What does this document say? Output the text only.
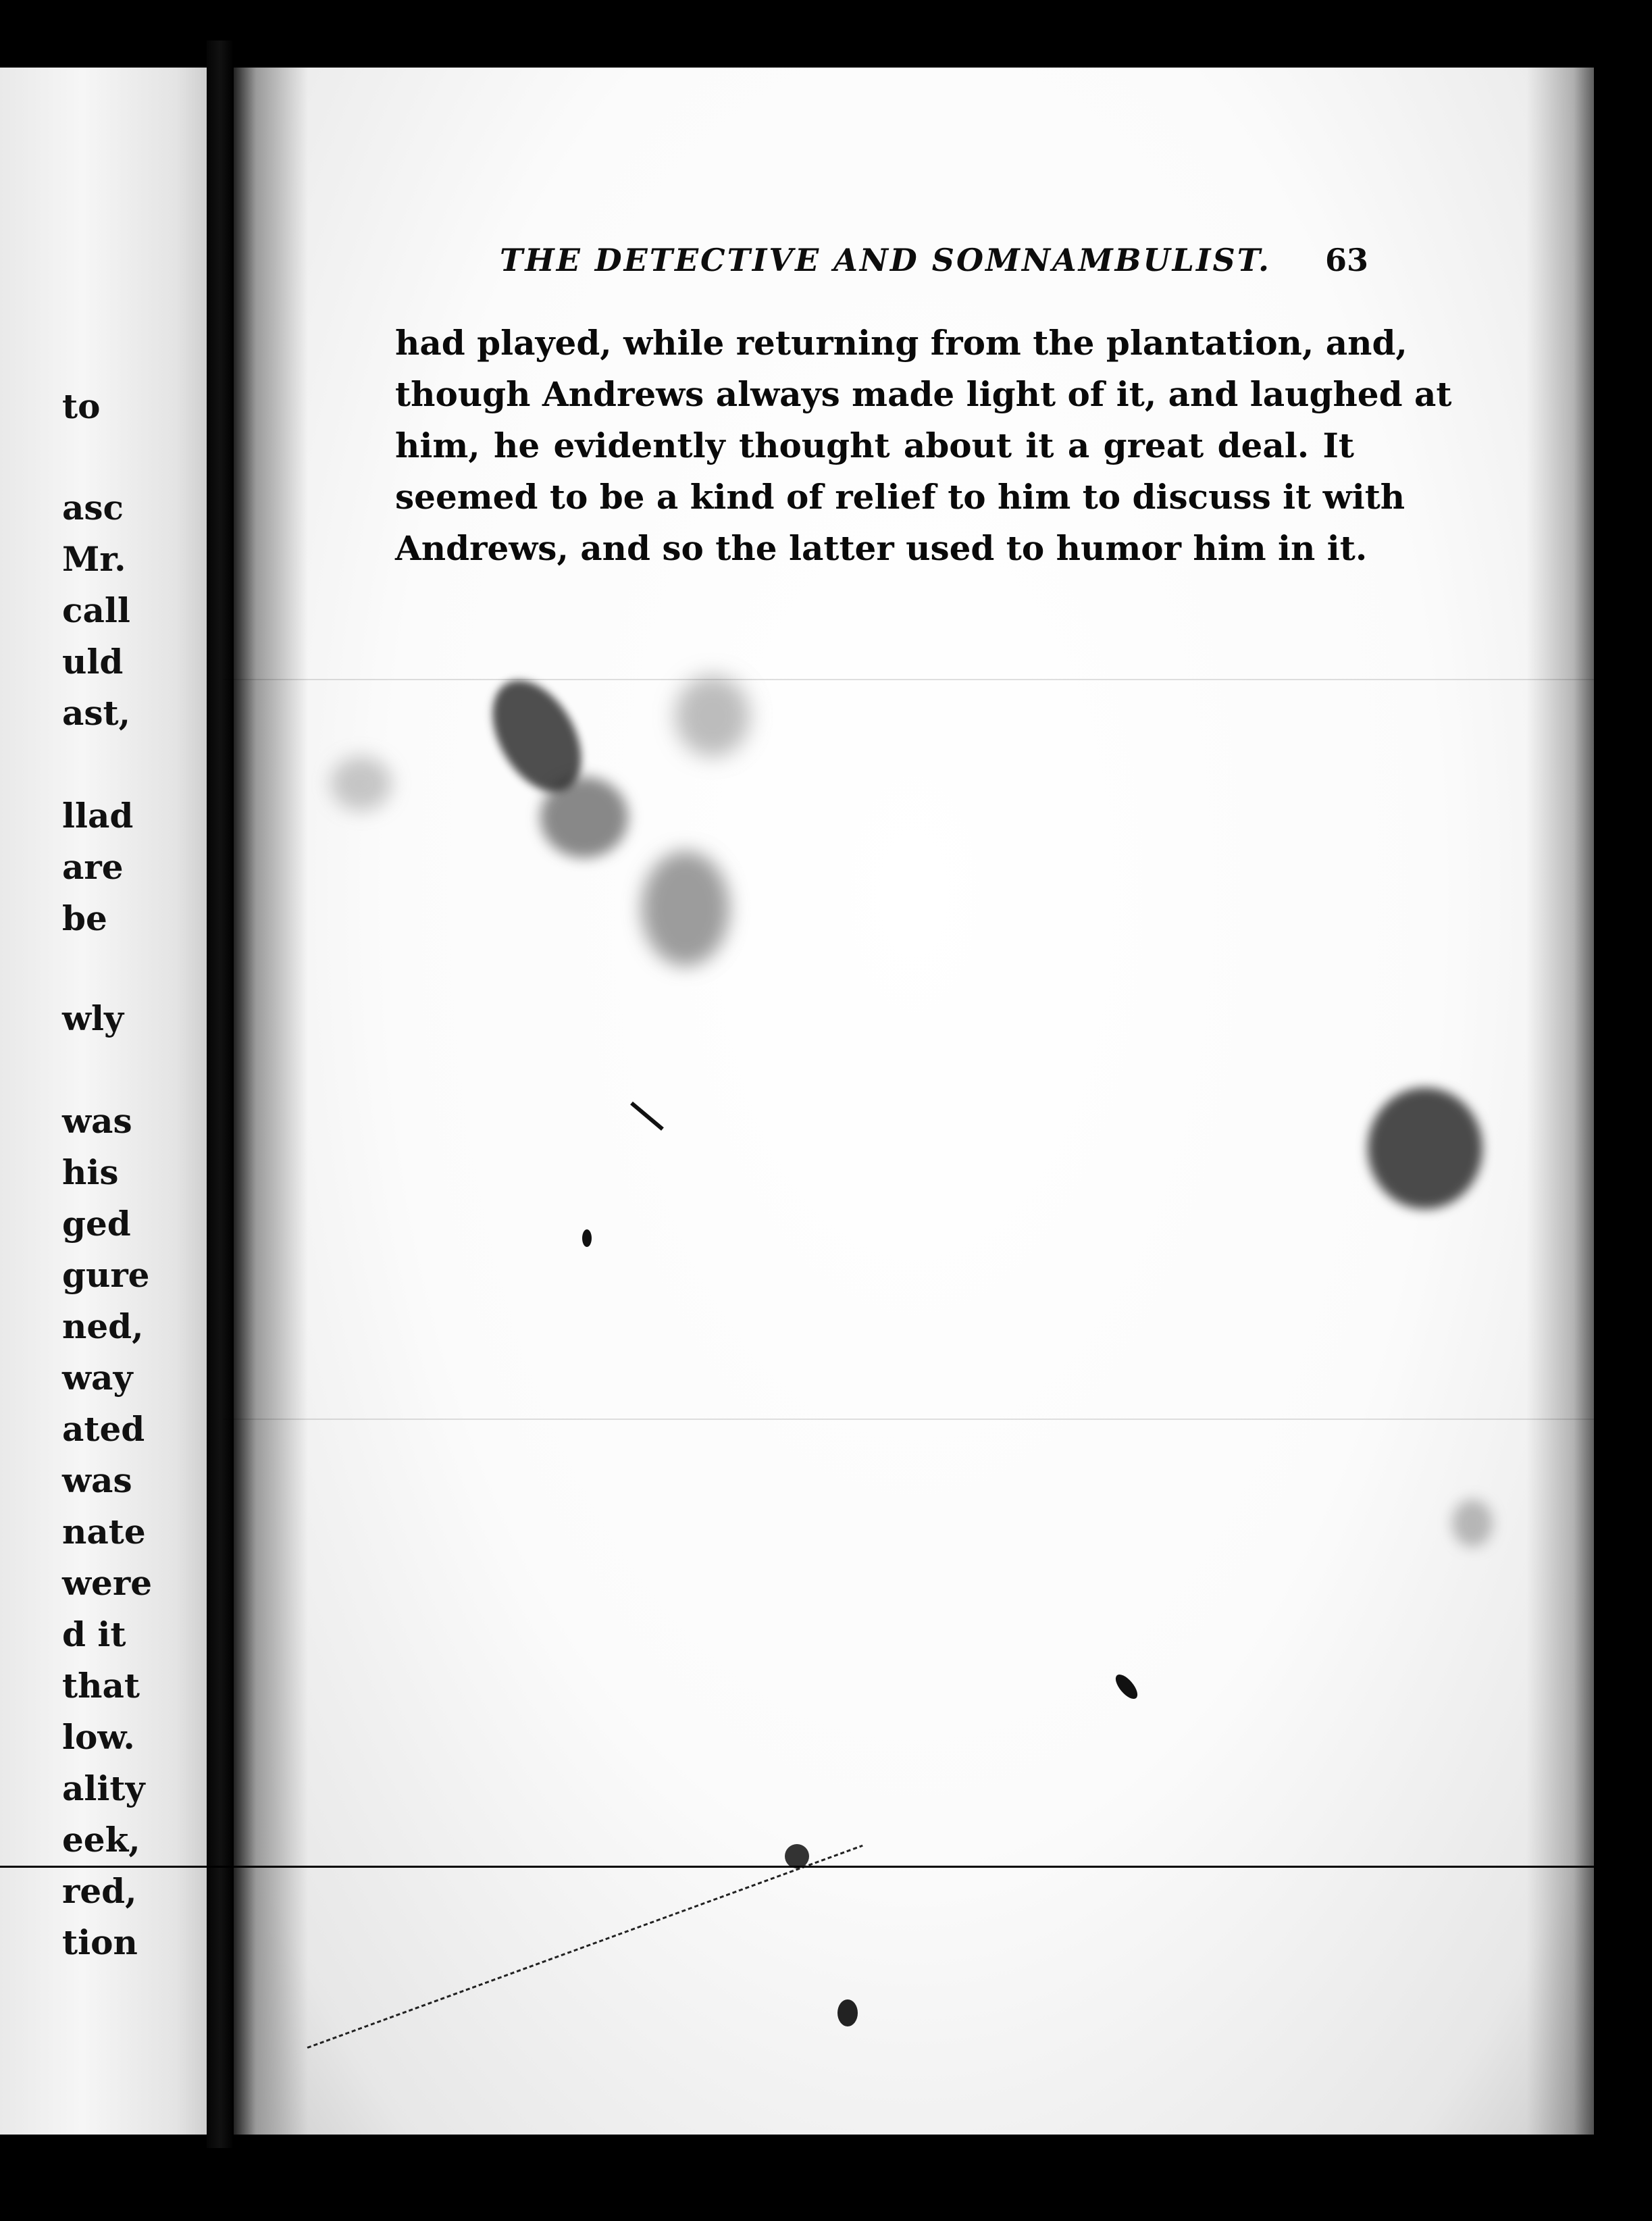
to
asc
Mr.
call
uld
ast,
llad
are
be
wly
was
his
ged
gure
ned,
way
ated
was
nate
were
d it
that
low.
ality
eek,
red,
tion
THE DETECTIVE AND SOMNAMBULIST. 63
had played, while returning from the plantation, and,
though Andrews always made light of it, and laughed at
him, he evidently thought about it a great deal. It
seemed to be a kind of relief to him to discuss it with
Andrews, and so the latter used to humor him in it.
